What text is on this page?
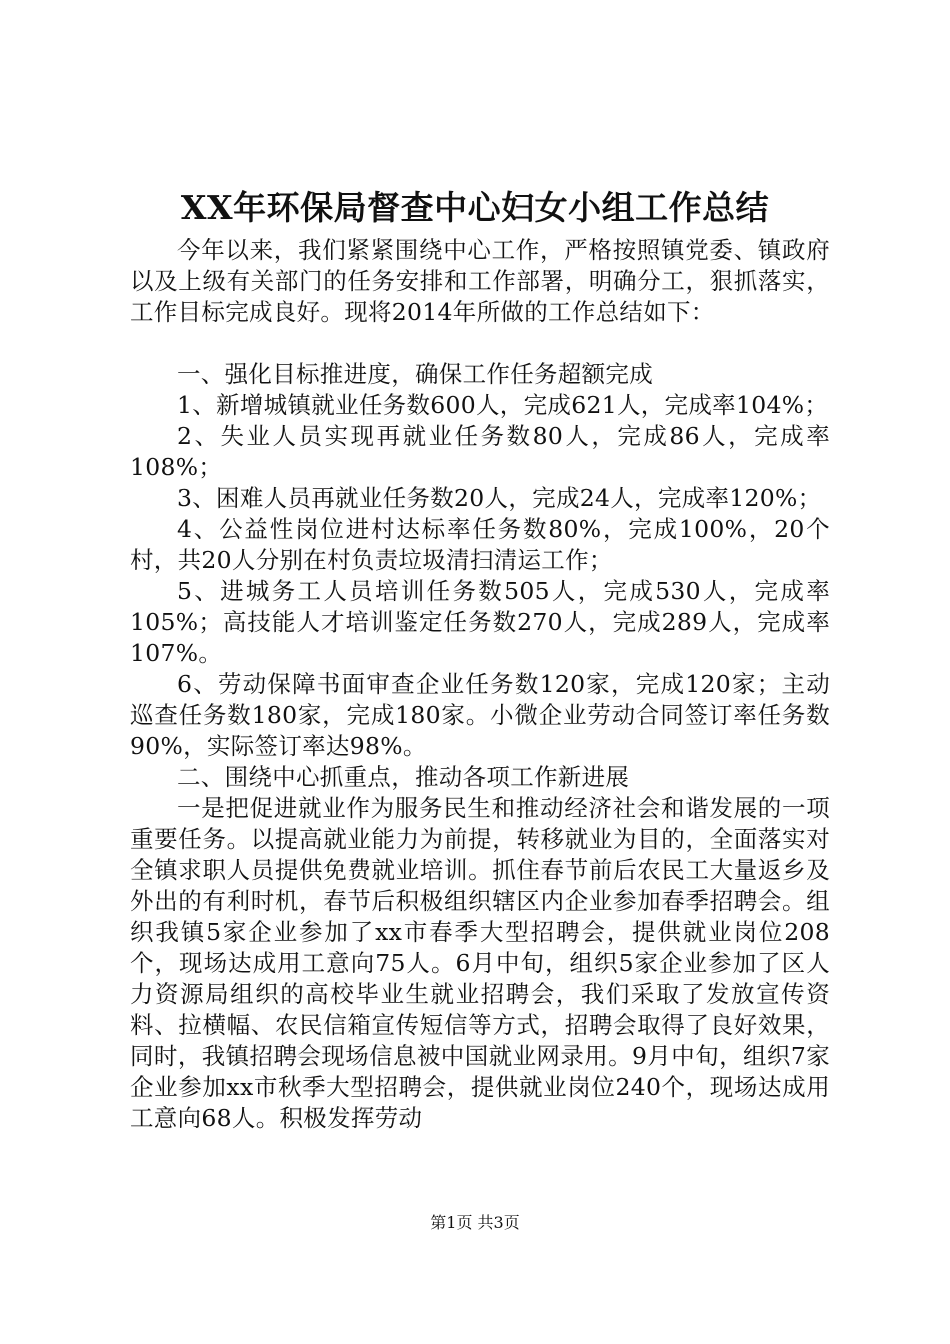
XX年环保局督查中心妇女小组工作总结

今年以来，我们紧紧围绕中心工作，严格按照镇党委、镇政府以及上级有关部门的任务安排和工作部署，明确分工，狠抓落实，工作目标完成良好。现将2014年所做的工作总结如下：

一、强化目标推进度，确保工作任务超额完成

1、新增城镇就业任务数600人，完成621人，完成率104%；

2、失业人员实现再就业任务数80人，完成86人，完成率108%；

3、困难人员再就业任务数20人，完成24人，完成率120%；

4、公益性岗位进村达标率任务数80%，完成100%，20个村，共20人分别在村负责垃圾清扫清运工作；

5、进城务工人员培训任务数505人，完成530人，完成率105%；高技能人才培训鉴定任务数270人，完成289人，完成率107%。

6、劳动保障书面审查企业任务数120家，完成120家；主动巡查任务数180家，完成180家。小微企业劳动合同签订率任务数90%，实际签订率达98%。

二、围绕中心抓重点，推动各项工作新进展

一是把促进就业作为服务民生和推动经济社会和谐发展的一项重要任务。以提高就业能力为前提，转移就业为目的，全面落实对全镇求职人员提供免费就业培训。抓住春节前后农民工大量返乡及外出的有利时机，春节后积极组织辖区内企业参加春季招聘会。组织我镇5家企业参加了xx市春季大型招聘会，提供就业岗位208个，现场达成用工意向75人。6月中旬，组织5家企业参加了区人力资源局组织的高校毕业生就业招聘会，我们采取了发放宣传资料、拉横幅、农民信箱宣传短信等方式，招聘会取得了良好效果，同时，我镇招聘会现场信息被中国就业网录用。9月中旬，组织7家企业参加xx市秋季大型招聘会，提供就业岗位240个，现场达成用工意向68人。积极发挥劳动

第1页 共3页
